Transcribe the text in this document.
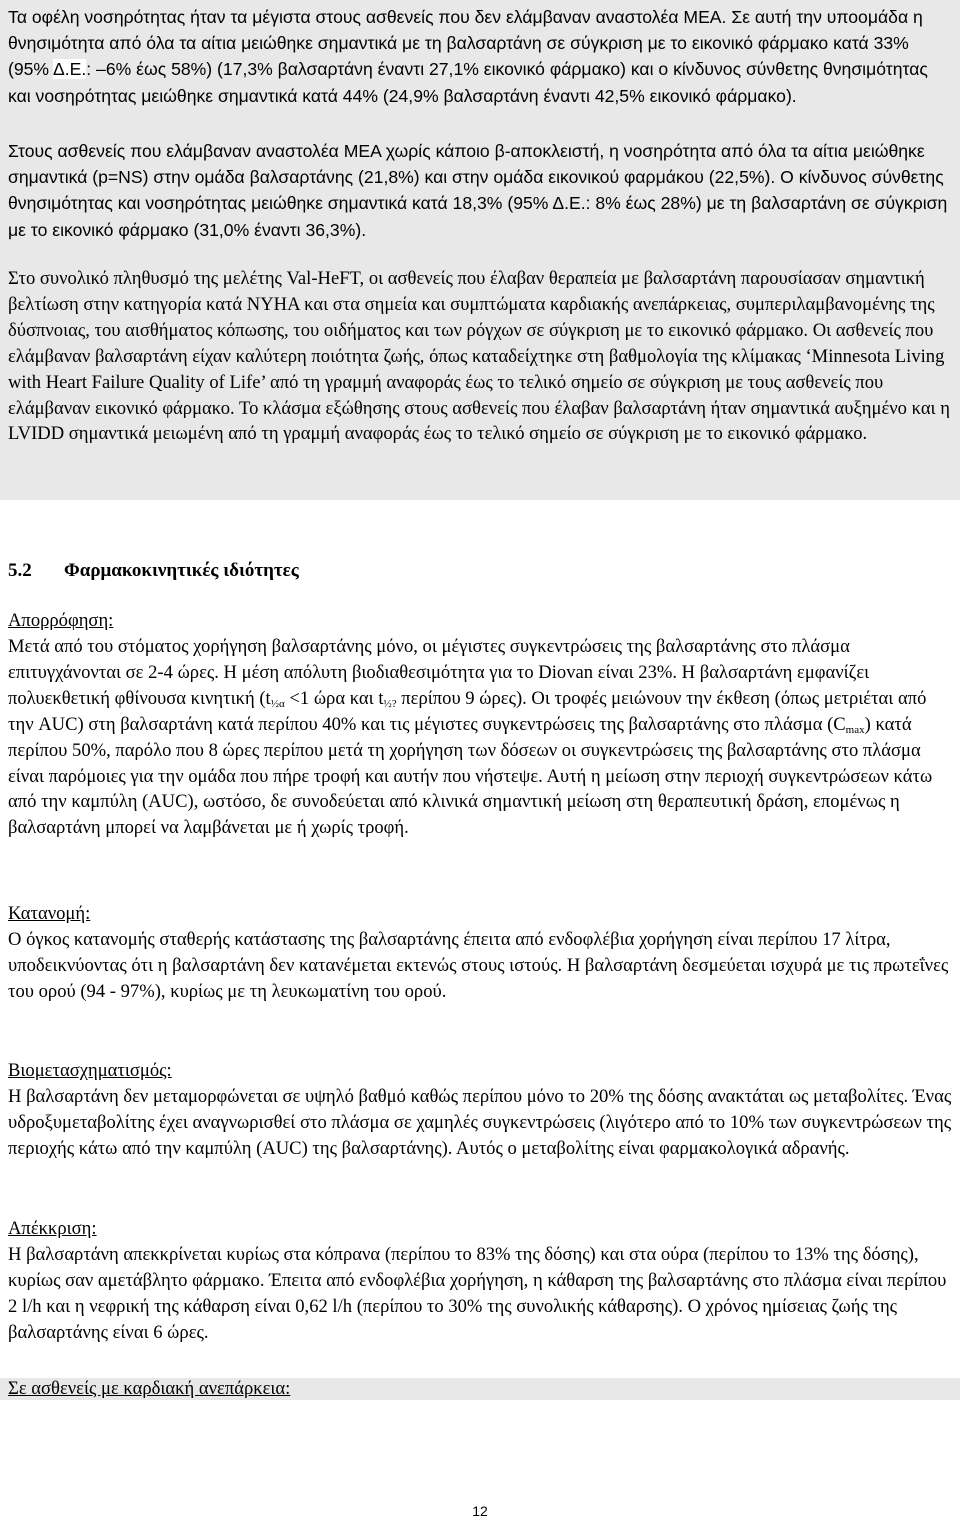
Τα οφέλη νοσηρότητας ήταν τα μέγιστα στους ασθενείς που δεν ελάμβαναν αναστολέα ΜΕΑ. Σε αυτή την υποομάδα η θνησιμότητα από όλα τα αίτια μειώθηκε σημαντικά με τη βαλσαρτάνη σε σύγκριση με το εικονικό φάρμακο κατά 33% (95% Δ.Ε.: –6% έως 58%) (17,3% βαλσαρτάνη έναντι 27,1% εικονικό φάρμακο) και ο κίνδυνος σύνθετης θνησιμότητας και νοσηρότητας μειώθηκε σημαντικά κατά 44% (24,9% βαλσαρτάνη έναντι 42,5% εικονικό φάρμακο).

Στους ασθενείς που ελάμβαναν αναστολέα ΜΕΑ χωρίς κάποιο β-αποκλειστή, η νοσηρότητα από όλα τα αίτια μειώθηκε σημαντικά (p=NS) στην ομάδα βαλσαρτάνης (21,8%) και στην ομάδα εικονικού φαρμάκου (22,5%). Ο κίνδυνος σύνθετης θνησιμότητας και νοσηρότητας μειώθηκε σημαντικά κατά 18,3% (95% Δ.Ε.: 8% έως 28%) με τη βαλσαρτάνη σε σύγκριση με το εικονικό φάρμακο (31,0% έναντι 36,3%).

Στο συνολικό πληθυσμό της μελέτης Val-HeFT, οι ασθενείς που έλαβαν θεραπεία με βαλσαρτάνη παρουσίασαν σημαντική βελτίωση στην κατηγορία κατά NYHA και στα σημεία και συμπτώματα καρδιακής ανεπάρκειας, συμπεριλαμβανομένης της δύσπνοιας, του αισθήματος κόπωσης, του οιδήματος και των ρόγχων σε σύγκριση με το εικονικό φάρμακο. Οι ασθενείς που ελάμβαναν βαλσαρτάνη είχαν καλύτερη ποιότητα ζωής, όπως καταδείχτηκε στη βαθμολογία της κλίμακας ‘Minnesota Living with Heart Failure Quality of Life’ από τη γραμμή αναφοράς έως το τελικό σημείο σε σύγκριση με τους ασθενείς που ελάμβαναν εικονικό φάρμακο. Το κλάσμα εξώθησης στους ασθενείς που έλαβαν βαλσαρτάνη ήταν σημαντικά αυξημένο και η LVIDD σημαντικά μειωμένη από τη γραμμή αναφοράς έως το τελικό σημείο σε σύγκριση με το εικονικό φάρμακο.

5.2 Φαρμακοκινητικές ιδιότητες
Απορρόφηση:

Μετά από του στόματος χορήγηση βαλσαρτάνης μόνο, οι μέγιστες συγκεντρώσεις της βαλσαρτάνης στο πλάσμα επιτυγχάνονται σε 2-4 ώρες. Η μέση απόλυτη βιοδιαθεσιμότητα για το Diovan είναι 23%. Η βαλσαρτάνη εμφανίζει πολυεκθετική φθίνουσα κινητική ($t_{\frac{1}{2}\alpha} <1$ ώρα και $t_{\frac{1}{2}?}$ περίπου 9 ώρες). Οι τροφές μειώνουν την έκθεση (όπως μετριέται από την AUC) στη βαλσαρτάνη κατά περίπου 40% και τις μέγιστες συγκεντρώσεις της βαλσαρτάνης στο πλάσμα $(C_{max})$ κατά περίπου 50%, παρόλο που 8 ώρες περίπου μετά τη χορήγηση των δόσεων οι συγκεντρώσεις της βαλσαρτάνης στο πλάσμα είναι παρόμοιες για την ομάδα που πήρε τροφή και αυτήν που νήστεψε. Αυτή η μείωση στην περιοχή συγκεντρώσεων κάτω από την καμπύλη (AUC), ωστόσο, δε συνοδεύεται από κλινικά σημαντική μείωση στη θεραπευτική δράση, επομένως η βαλσαρτάνη μπορεί να λαμβάνεται με ή χωρίς τροφή.

Κατανομή:

Ο όγκος κατανομής σταθερής κατάστασης της βαλσαρτάνης έπειτα από ενδοφλέβια χορήγηση είναι περίπου 17 λίτρα, υποδεικνύοντας ότι η βαλσαρτάνη δεν κατανέμεται εκτενώς στους ιστούς. Η βαλσαρτάνη δεσμεύεται ισχυρά με τις πρωτεΐνες του ορού (94 - 97%), κυρίως με τη λευκωματίνη του ορού.

Βιομετασχηματισμός:

Η βαλσαρτάνη δεν μεταμορφώνεται σε υψηλό βαθμό καθώς περίπου μόνο το 20% της δόσης ανακτάται ως μεταβολίτες. Ένας υδροξυμεταβολίτης έχει αναγνωρισθεί στο πλάσμα σε χαμηλές συγκεντρώσεις (λιγότερο από το 10% των συγκεντρώσεων της περιοχής κάτω από την καμπύλη (AUC) της βαλσαρτάνης). Αυτός ο μεταβολίτης είναι φαρμακολογικά αδρανής.

Απέκκριση:

Η βαλσαρτάνη απεκκρίνεται κυρίως στα κόπρανα (περίπου το 83% της δόσης) και στα ούρα (περίπου το 13% της δόσης), κυρίως σαν αμετάβλητο φάρμακο. Έπειτα από ενδοφλέβια χορήγηση, η κάθαρση της βαλσαρτάνης στο πλάσμα είναι περίπου 2 l/h και η νεφρική της κάθαρση είναι 0,62 l/h (περίπου το 30% της συνολικής κάθαρσης). Ο χρόνος ημίσειας ζωής της βαλσαρτάνης είναι 6 ώρες.

Σε ασθενείς με καρδιακή ανεπάρκεια:
12
